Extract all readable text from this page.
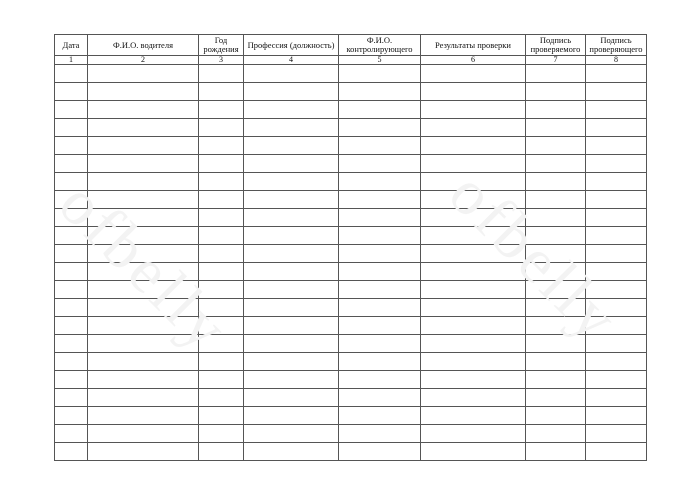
ofbelly	ofbelly
Дата	Ф.И.О. водителя	Год рождения	Профессия (должность)	Ф.И.О. контролирующего	Результаты проверки	Подпись проверяемого	Подпись проверяющего
1	2	3	4	5	6	7	8
